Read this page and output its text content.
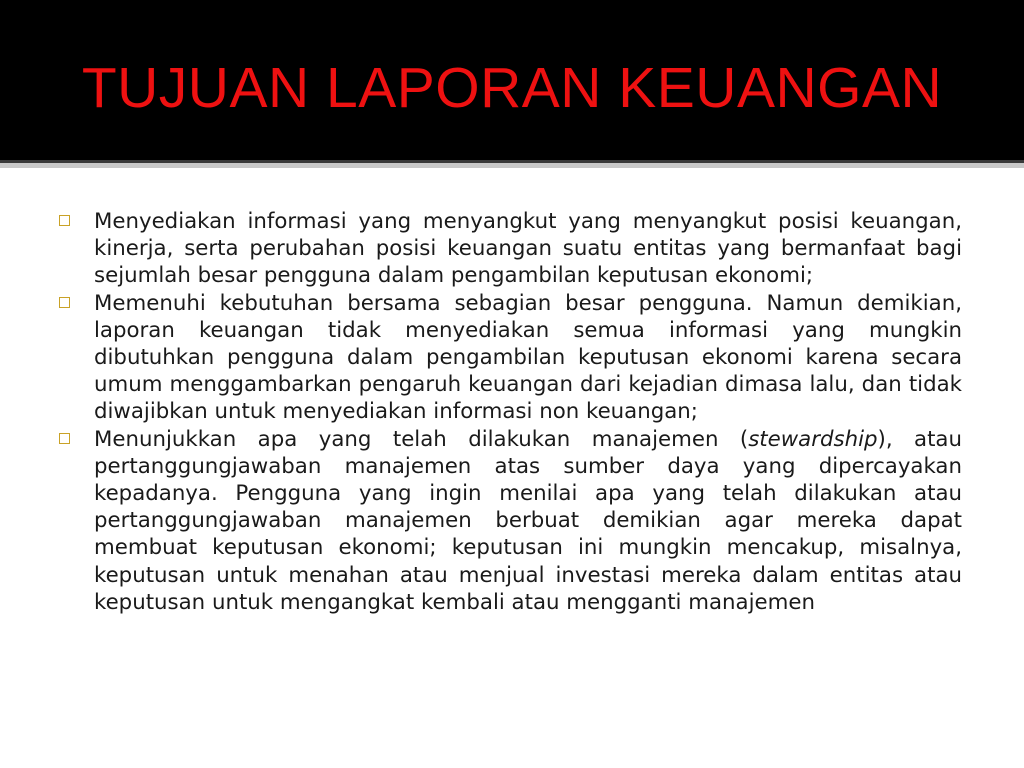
TUJUAN LAPORAN KEUANGAN
Menyediakan informasi yang menyangkut yang menyangkut posisi keuangan, kinerja, serta perubahan posisi keuangan suatu entitas yang bermanfaat bagi sejumlah besar pengguna dalam pengambilan keputusan ekonomi;
Memenuhi kebutuhan bersama sebagian besar pengguna. Namun demikian, laporan keuangan tidak menyediakan semua informasi yang mungkin dibutuhkan pengguna dalam pengambilan keputusan ekonomi karena secara umum menggambarkan pengaruh keuangan dari kejadian dimasa lalu, dan tidak diwajibkan untuk menyediakan informasi non keuangan;
Menunjukkan apa yang telah dilakukan manajemen (stewardship), atau pertanggungjawaban manajemen atas sumber daya yang dipercayakan kepadanya. Pengguna yang ingin menilai apa yang telah dilakukan atau pertanggungjawaban manajemen berbuat demikian agar mereka dapat membuat keputusan ekonomi; keputusan ini mungkin mencakup, misalnya, keputusan untuk menahan atau menjual investasi mereka dalam entitas atau keputusan untuk mengangkat kembali atau mengganti manajemen
